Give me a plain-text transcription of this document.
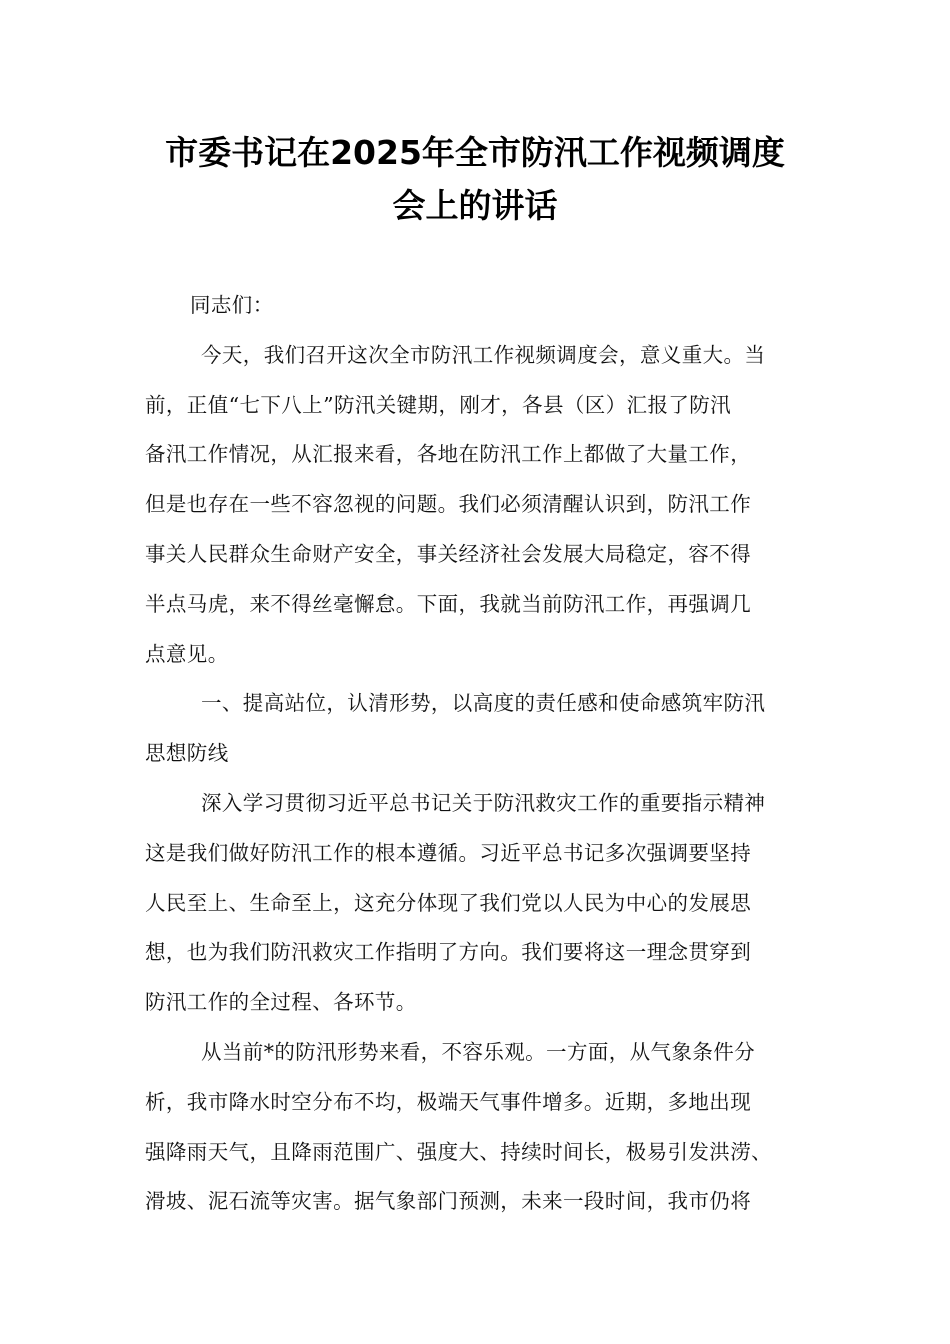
市委书记在2025年全市防汛工作视频调度
会上的讲话
同志们：
今天，我们召开这次全市防汛工作视频调度会，意义重大。当
前，正值“七下八上”防汛关键期，刚才，各县（区）汇报了防汛
备汛工作情况，从汇报来看，各地在防汛工作上都做了大量工作，
但是也存在一些不容忽视的问题。我们必须清醒认识到，防汛工作
事关人民群众生命财产安全，事关经济社会发展大局稳定，容不得
半点马虎，来不得丝毫懈怠。下面，我就当前防汛工作，再强调几
点意见。
一、提高站位，认清形势，以高度的责任感和使命感筑牢防汛
思想防线
深入学习贯彻习近平总书记关于防汛救灾工作的重要指示精神
这是我们做好防汛工作的根本遵循。习近平总书记多次强调要坚持
人民至上、生命至上，这充分体现了我们党以人民为中心的发展思
想，也为我们防汛救灾工作指明了方向。我们要将这一理念贯穿到
防汛工作的全过程、各环节。
从当前*的防汛形势来看，不容乐观。一方面，从气象条件分
析，我市降水时空分布不均，极端天气事件增多。近期，多地出现
强降雨天气，且降雨范围广、强度大、持续时间长，极易引发洪涝、
滑坡、泥石流等灾害。据气象部门预测，未来一段时间，我市仍将
